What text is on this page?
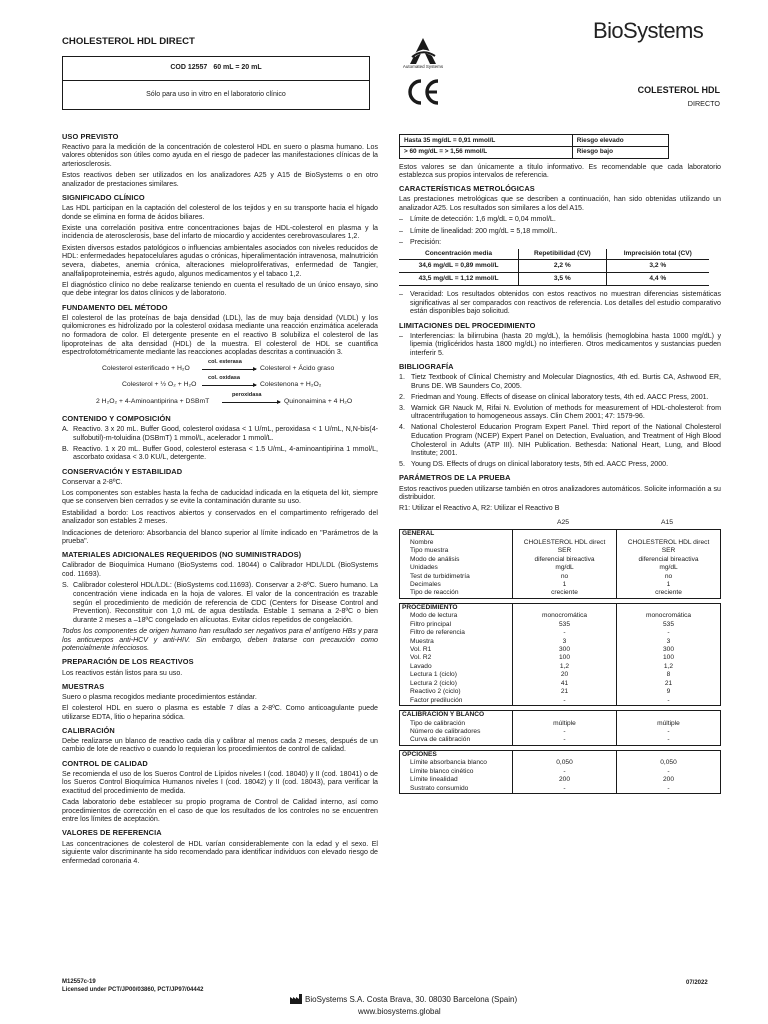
CHOLESTEROL HDL DIRECT
COD 12557 60 mL = 20 mL
Sólo para uso in vitro en el laboratorio clínico
Automated Systems
BioSystems
COLESTEROL HDL
DIRECTO
USO PREVISTO

Reactivo para la medición de la concentración de colesterol HDL en suero o plasma humano. Los valores obtenidos son útiles como ayuda en el riesgo de padecer las manifestaciones clínicas de la arteriosclerosis.

Estos reactivos deben ser utilizados en los analizadores A25 y A15 de BioSystems o en otro analizador de prestaciones similares.

SIGNIFICADO CLÍNICO

Las HDL participan en la captación del colesterol de los tejidos y en su transporte hacia el hígado donde se elimina en forma de ácidos biliares.

Existe una correlación positiva entre concentraciones bajas de HDL-colesterol en plasma y la incidencia de aterosclerosis, base del infarto de miocardio y accidentes cerebrovasculares 1,2.

Existen diversos estados patológicos o influencias ambientales asociados con niveles reducidos de HDL: enfermedades hepatocelulares agudas o crónicas, hiperalimentación intravenosa, malnutrición severa, diabetes, anemia crónica, alteraciones mieloproliferativas, enfermedad de Tangier, analfalipoproteinemia, estrés agudo, algunos medicamentos y el tabaco 1,2.

El diagnóstico clínico no debe realizarse teniendo en cuenta el resultado de un único ensayo, sino que debe integrar los datos clínicos y de laboratorio.

FUNDAMENTO DEL MÉTODO

El colesterol de las proteínas de baja densidad (LDL), las de muy baja densidad (VLDL) y los quilomicrones es hidrolizado por la colesterol oxidasa mediante una reacción enzimática acelerada no formadora de color. El detergente presente en el reactivo B solubiliza el colesterol de las lipoproteínas de alta densidad (HDL) de la muestra. El colesterol de HDL se cuantifica espectrofotométricamente mediante las reacciones acopladas descritas a continuación 3.

Colesterol esterificado + H₂O
col. esterasa
Colesterol + Ácido graso
Colesterol + ½ O₂ + H₂O
col. oxidasa
Colestenona + H₂O₂
2 H₂O₂ + 4-Aminoantipirina + DSBmT
peroxidasa
Quinonaimina + 4 H₂O
CONTENIDO Y COMPOSICIÓN
A. Reactivo. 3 x 20 mL. Buffer Good, colesterol oxidasa < 1 U/mL, peroxidasa < 1 U/mL, N,N-bis(4-sulfobutil)-m-toluidina (DSBmT) 1 mmol/L, acelerador 1 mmol/L.
B. Reactivo. 1 x 20 mL. Buffer Good, colesterol esterasa < 1.5 U/mL, 4-aminoantipirina 1 mmol/L, ascorbato oxidasa < 3.0 KU/L, detergente.
CONSERVACIÓN Y ESTABILIDAD

Conservar a 2-8ºC.

Los componentes son estables hasta la fecha de caducidad indicada en la etiqueta del kit, siempre que se conserven bien cerrados y se evite la contaminación durante su uso.

Estabilidad a bordo: Los reactivos abiertos y conservados en el compartimento refrigerado del analizador son estables 2 meses.

Indicaciones de deterioro: Absorbancia del blanco superior al límite indicado en "Parámetros de la prueba".

MATERIALES ADICIONALES REQUERIDOS (NO SUMINISTRADOS)

Calibrador de Bioquímica Humano (BioSystems cod. 18044) o Calibrador HDL/LDL (BioSystems cod. 11693).

S. Calibrador colesterol HDL/LDL: (BioSystems cod.11693). Conservar a 2-8ºC. Suero humano. La concentración viene indicada en la hoja de valores. El valor de la concentración es trazable según el procedimiento de medición de referencia de CDC (Centers for Disease Control and Prevention). Reconstituir con 1,0 mL de agua destilada. Estable 1 semana a 2-8ºC o bien durante 2 meses a –18ºC congelado en alícuotas. Evitar ciclos repetidos de congelación.

Todos los componentes de origen humano han resultado ser negativos para el antígeno HBs y para los anticuerpos anti-HCV y anti-HIV. Sin embargo, deben tratarse con precaución como potencialmente infecciosos.

PREPARACIÓN DE LOS REACTIVOS

Los reactivos están listos para su uso.

MUESTRAS

Suero o plasma recogidos mediante procedimientos estándar.

El colesterol HDL en suero o plasma es estable 7 días a 2-8ºC. Como anticoagulante puede utilizarse EDTA, litio o heparina sódica.

CALIBRACIÓN

Debe realizarse un blanco de reactivo cada día y calibrar al menos cada 2 meses, después de un cambio de lote de reactivo o cuando lo requieran los procedimientos de control de calidad.

CONTROL DE CALIDAD

Se recomienda el uso de los Sueros Control de Lípidos niveles I (cod. 18040) y II (cod. 18041) o de los Sueros Control Bioquímica Humanos niveles I (cod. 18042) y II (cod. 18043), para verificar la exactitud del procedimiento de medida.

Cada laboratorio debe establecer su propio programa de Control de Calidad interno, así como procedimientos de corrección en el caso de que los resultados de los controles no se encuentren entre los límites de aceptación.

VALORES DE REFERENCIA

Las concentraciones de colesterol de HDL varían considerablemente con la edad y el sexo. El siguiente valor discriminante ha sido recomendado para identificar individuos con elevado riesgo de enfermedad coronaria 4.

Hasta 35 mg/dL = 0,91 mmol/L	Riesgo elevado
> 60 mg/dL = > 1,56 mmol/L	Riesgo bajo

Estos valores se dan únicamente a título informativo. Es recomendable que cada laboratorio establezca sus propios intervalos de referencia.

CARACTERÍSTICAS METROLÓGICAS

Las prestaciones metrológicas que se describen a continuación, han sido obtenidas utilizando un analizador A25. Los resultados son similares a los del A15.

– Límite de detección: 1,6 mg/dL = 0,04 mmol/L.
– Límite de linealidad: 200 mg/dL = 5,18 mmol/L.
– Precisión:
Concentración media	Repetibilidad (CV)	Imprecisión total (CV)
34,6 mg/dL = 0,89 mmol/L	2,2 %	3,2 %
43,5 mg/dL = 1,12 mmol/L	3,5 %	4,4 %
– Veracidad: Los resultados obtenidos con estos reactivos no muestran diferencias sistemáticas significativas al ser comparados con reactivos de referencia. Los detalles del estudio comparativo están disponibles bajo solicitud.
LIMITACIONES DEL PROCEDIMIENTO
– Interferencias: la bilirrubina (hasta 20 mg/dL), la hemólisis (hemoglobina hasta 1000 mg/dL) y lipemia (triglicéridos hasta 1800 mg/dL) no interfieren. Otros medicamentos y sustancias pueden interferir 5.
BIBLIOGRAFÍA
1. Tietz Textbook of Clinical Chemistry and Molecular Diagnostics, 4th ed. Burtis CA, Ashwood ER, Bruns DE. WB Saunders Co, 2005.
2. Friedman and Young. Effects of disease on clinical laboratory tests, 4th ed. AACC Press, 2001.
3. Warnick GR Nauck M, Rifai N. Evolution of methods for measurement of HDL-cholesterol: from ultracentrifugation to homogeneous assays. Clin Chem 2001; 47: 1579-96.
4. National Cholesterol Educarion Program Expert Panel. Third report of the National Cholesterol Education Program (NCEP) Expert Panel on Detection, Evaluation, and Treatment of High Blood Cholesterol in Adults (ATP III). NIH Publication. Bethesda: National Heart, Lung, and Blood Institute; 2001.
5. Young DS. Effects of drugs on clinical laboratory tests, 5th ed. AACC Press, 2000.
PARÁMETROS DE LA PRUEBA

Estos reactivos pueden utilizarse también en otros analizadores automáticos. Solicite información a su distribuidor.

R1: Utilizar el Reactivo A, R2: Utilizar el Reactivo B

A25	A15
GENERAL
Nombre	CHOLESTEROL HDL direct	CHOLESTEROL HDL direct
Tipo muestra	SER	SER
Modo de análisis	diferencial bireactiva	diferencial bireactiva
Unidades	mg/dL	mg/dL
Test de turbidimetría	no	no
Decimales	1	1
Tipo de reacción	creciente	creciente
PROCEDIMIENTO
Modo de lectura	monocromática	monocromática
Filtro principal	535	535
Filtro de referencia	-	-
Muestra	3	3
Vol. R1	300	300
Vol. R2	100	100
Lavado	1,2	1,2
Lectura 1 (ciclo)	20	8
Lectura 2 (ciclo)	41	21
Reactivo 2 (ciclo)	21	9
Factor predilución	-	-
CALIBRACIÓN Y BLANCO
Tipo de calibración	múltiple	múltiple
Número de calibradores	-	-
Curva de calibración	-	-
OPCIONES
Límite absorbancia blanco	0,050	0,050
Límite blanco cinético	-	-
Límite linealidad	200	200
Sustrato consumido	-	-
M12557c-19
Licensed under PCT/JP00/03860, PCT/JP97/04442
BioSystems S.A. Costa Brava, 30. 08030 Barcelona (Spain)
www.biosystems.global
07/2022
